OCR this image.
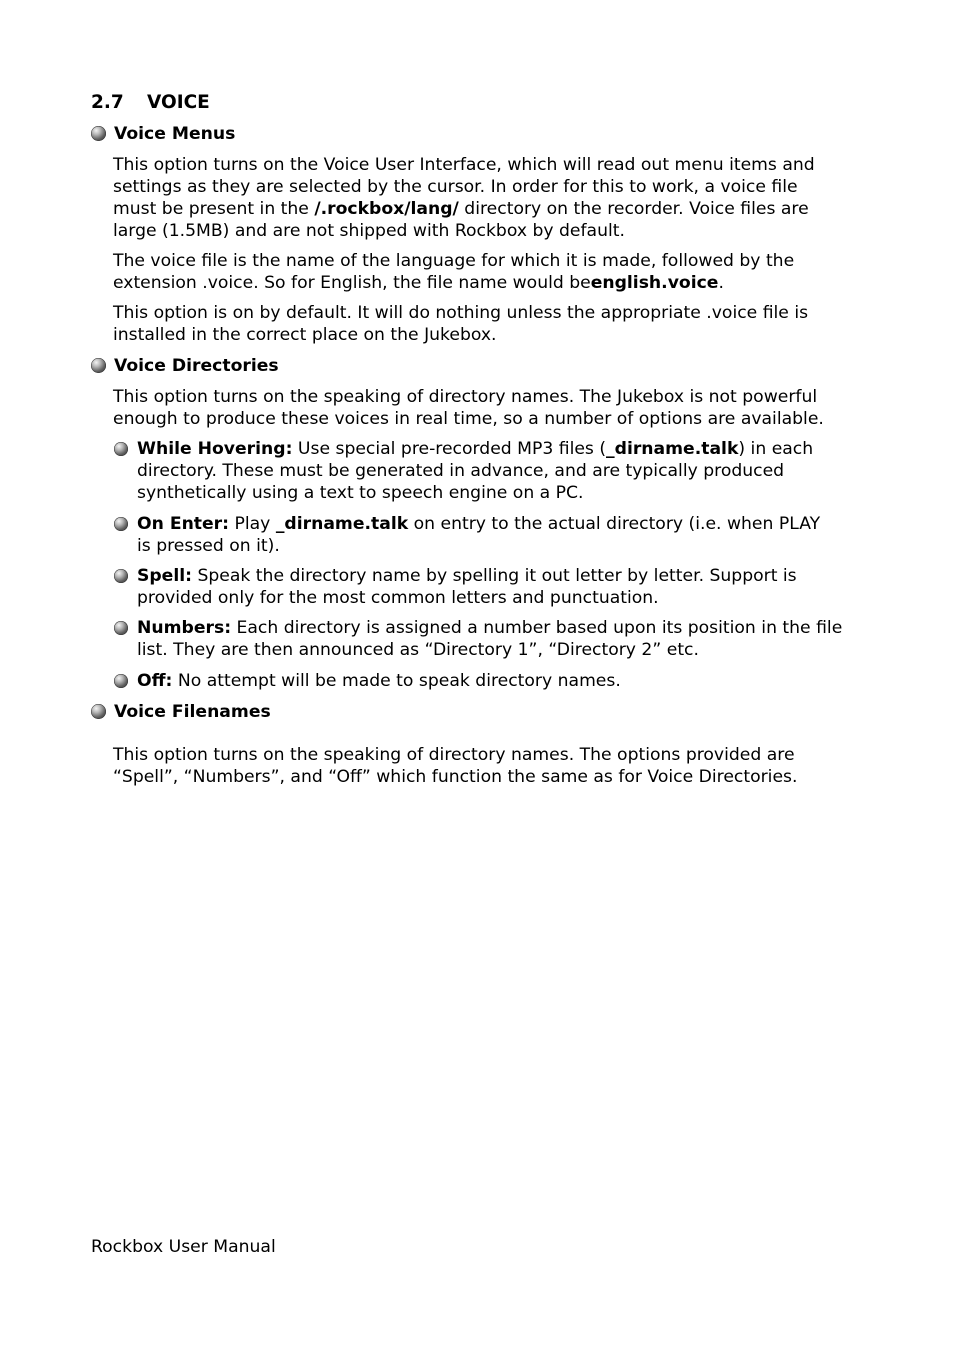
2.7 VOICE
Voice Menus
This option turns on the Voice User Interface, which will read out menu items and
settings as they are selected by the cursor. In order for this to work, a voice file
must be present in the /.rockbox/lang/ directory on the recorder. Voice files are
large (1.5MB) and are not shipped with Rockbox by default.
The voice file is the name of the language for which it is made, followed by the
extension .voice. So for English, the file name would beenglish.voice.
This option is on by default. It will do nothing unless the appropriate .voice file is
installed in the correct place on the Jukebox.
Voice Directories
This option turns on the speaking of directory names. The Jukebox is not powerful
enough to produce these voices in real time, so a number of options are available.
While Hovering: Use special pre-recorded MP3 files (_dirname.talk) in each
directory. These must be generated in advance, and are typically produced
synthetically using a text to speech engine on a PC.
On Enter: Play _dirname.talk on entry to the actual directory (i.e. when PLAY
is pressed on it).
Spell: Speak the directory name by spelling it out letter by letter. Support is
provided only for the most common letters and punctuation.
Numbers: Each directory is assigned a number based upon its position in the file
list. They are then announced as “Directory 1”, “Directory 2” etc.
Off: No attempt will be made to speak directory names.
Voice Filenames
This option turns on the speaking of directory names. The options provided are
“Spell”, “Numbers”, and “Off” which function the same as for Voice Directories.
Rockbox User Manual
